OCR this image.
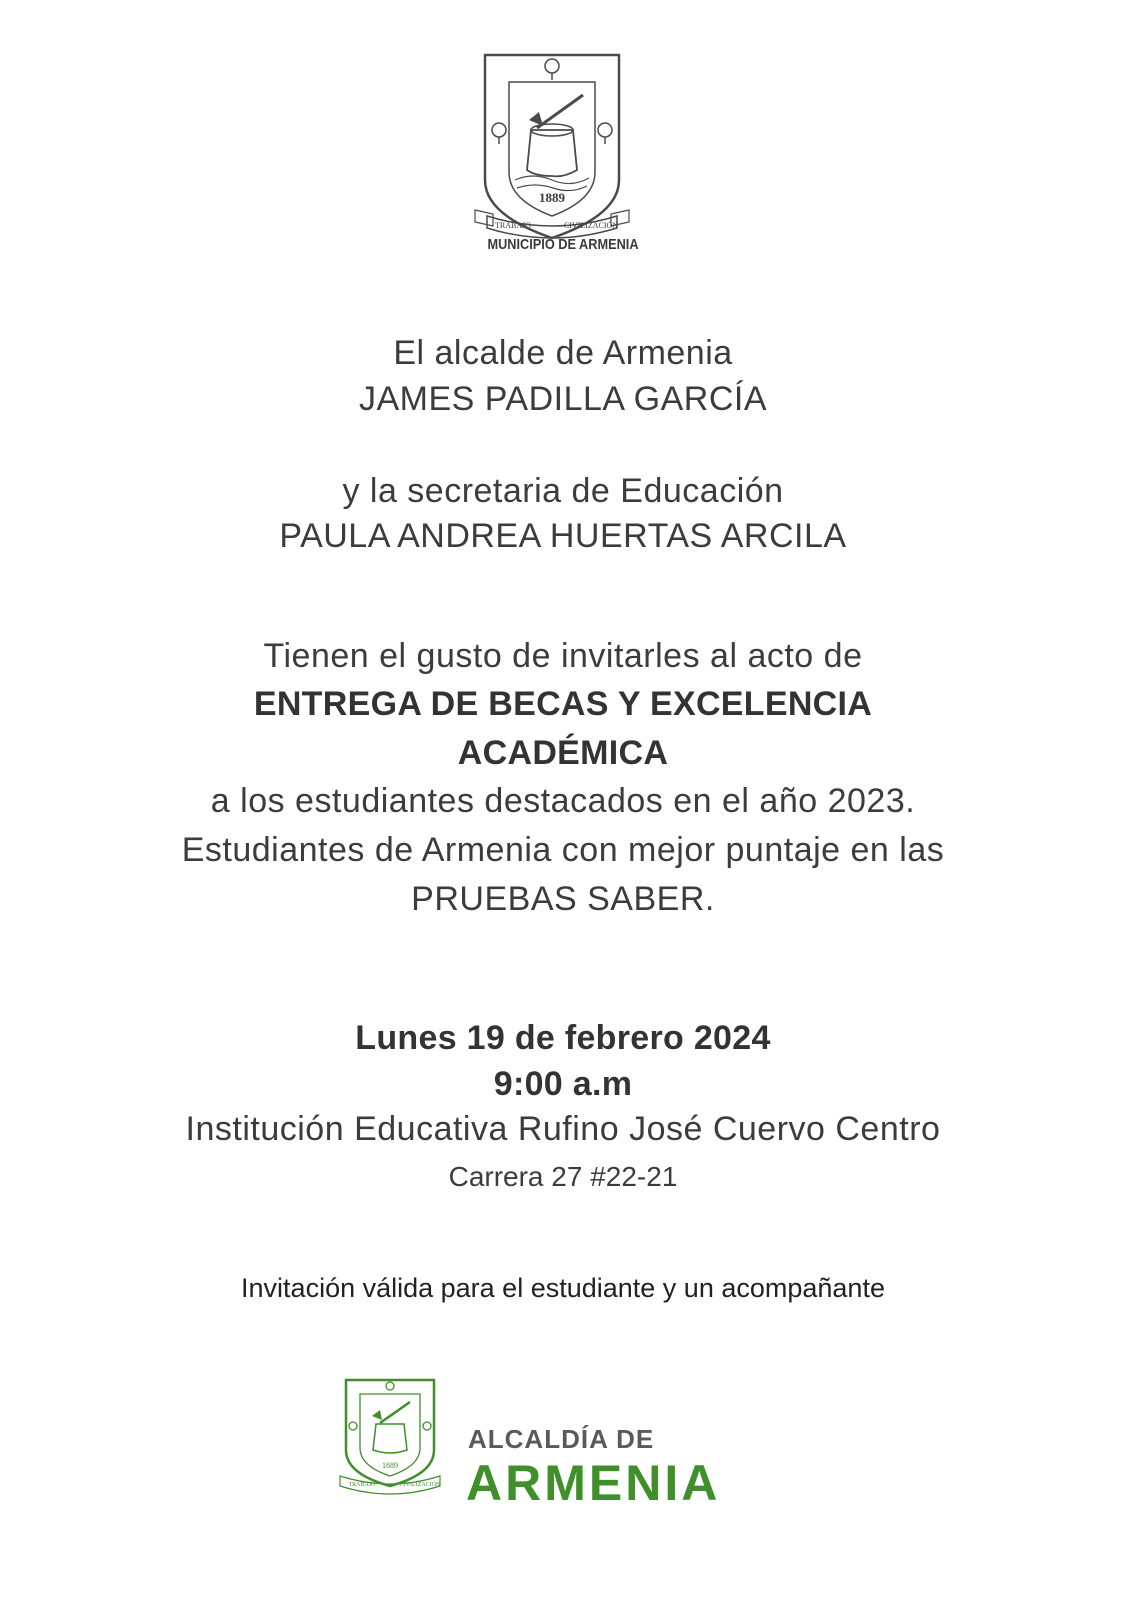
1889
TRABAJO	CIVILIZACIÓN
MUNICIPIO DE ARMENIA
El alcalde de Armenia
JAMES PADILLA GARCÍA
y la secretaria de Educación
PAULA ANDREA HUERTAS ARCILA
Tienen el gusto de invitarles al acto de
ENTREGA DE BECAS Y EXCELENCIA
ACADÉMICA
a los estudiantes destacados en el año 2023.
Estudiantes de Armenia con mejor puntaje en las
PRUEBAS SABER.
Lunes 19 de febrero 2024
9:00 a.m
Institución Educativa Rufino José Cuervo Centro
Carrera 27 #22-21
Invitación válida para el estudiante y un acompañante
1889
TRABAJO	CIVILIZACIÓN
ALCALDÍA DE
ARMENIA
